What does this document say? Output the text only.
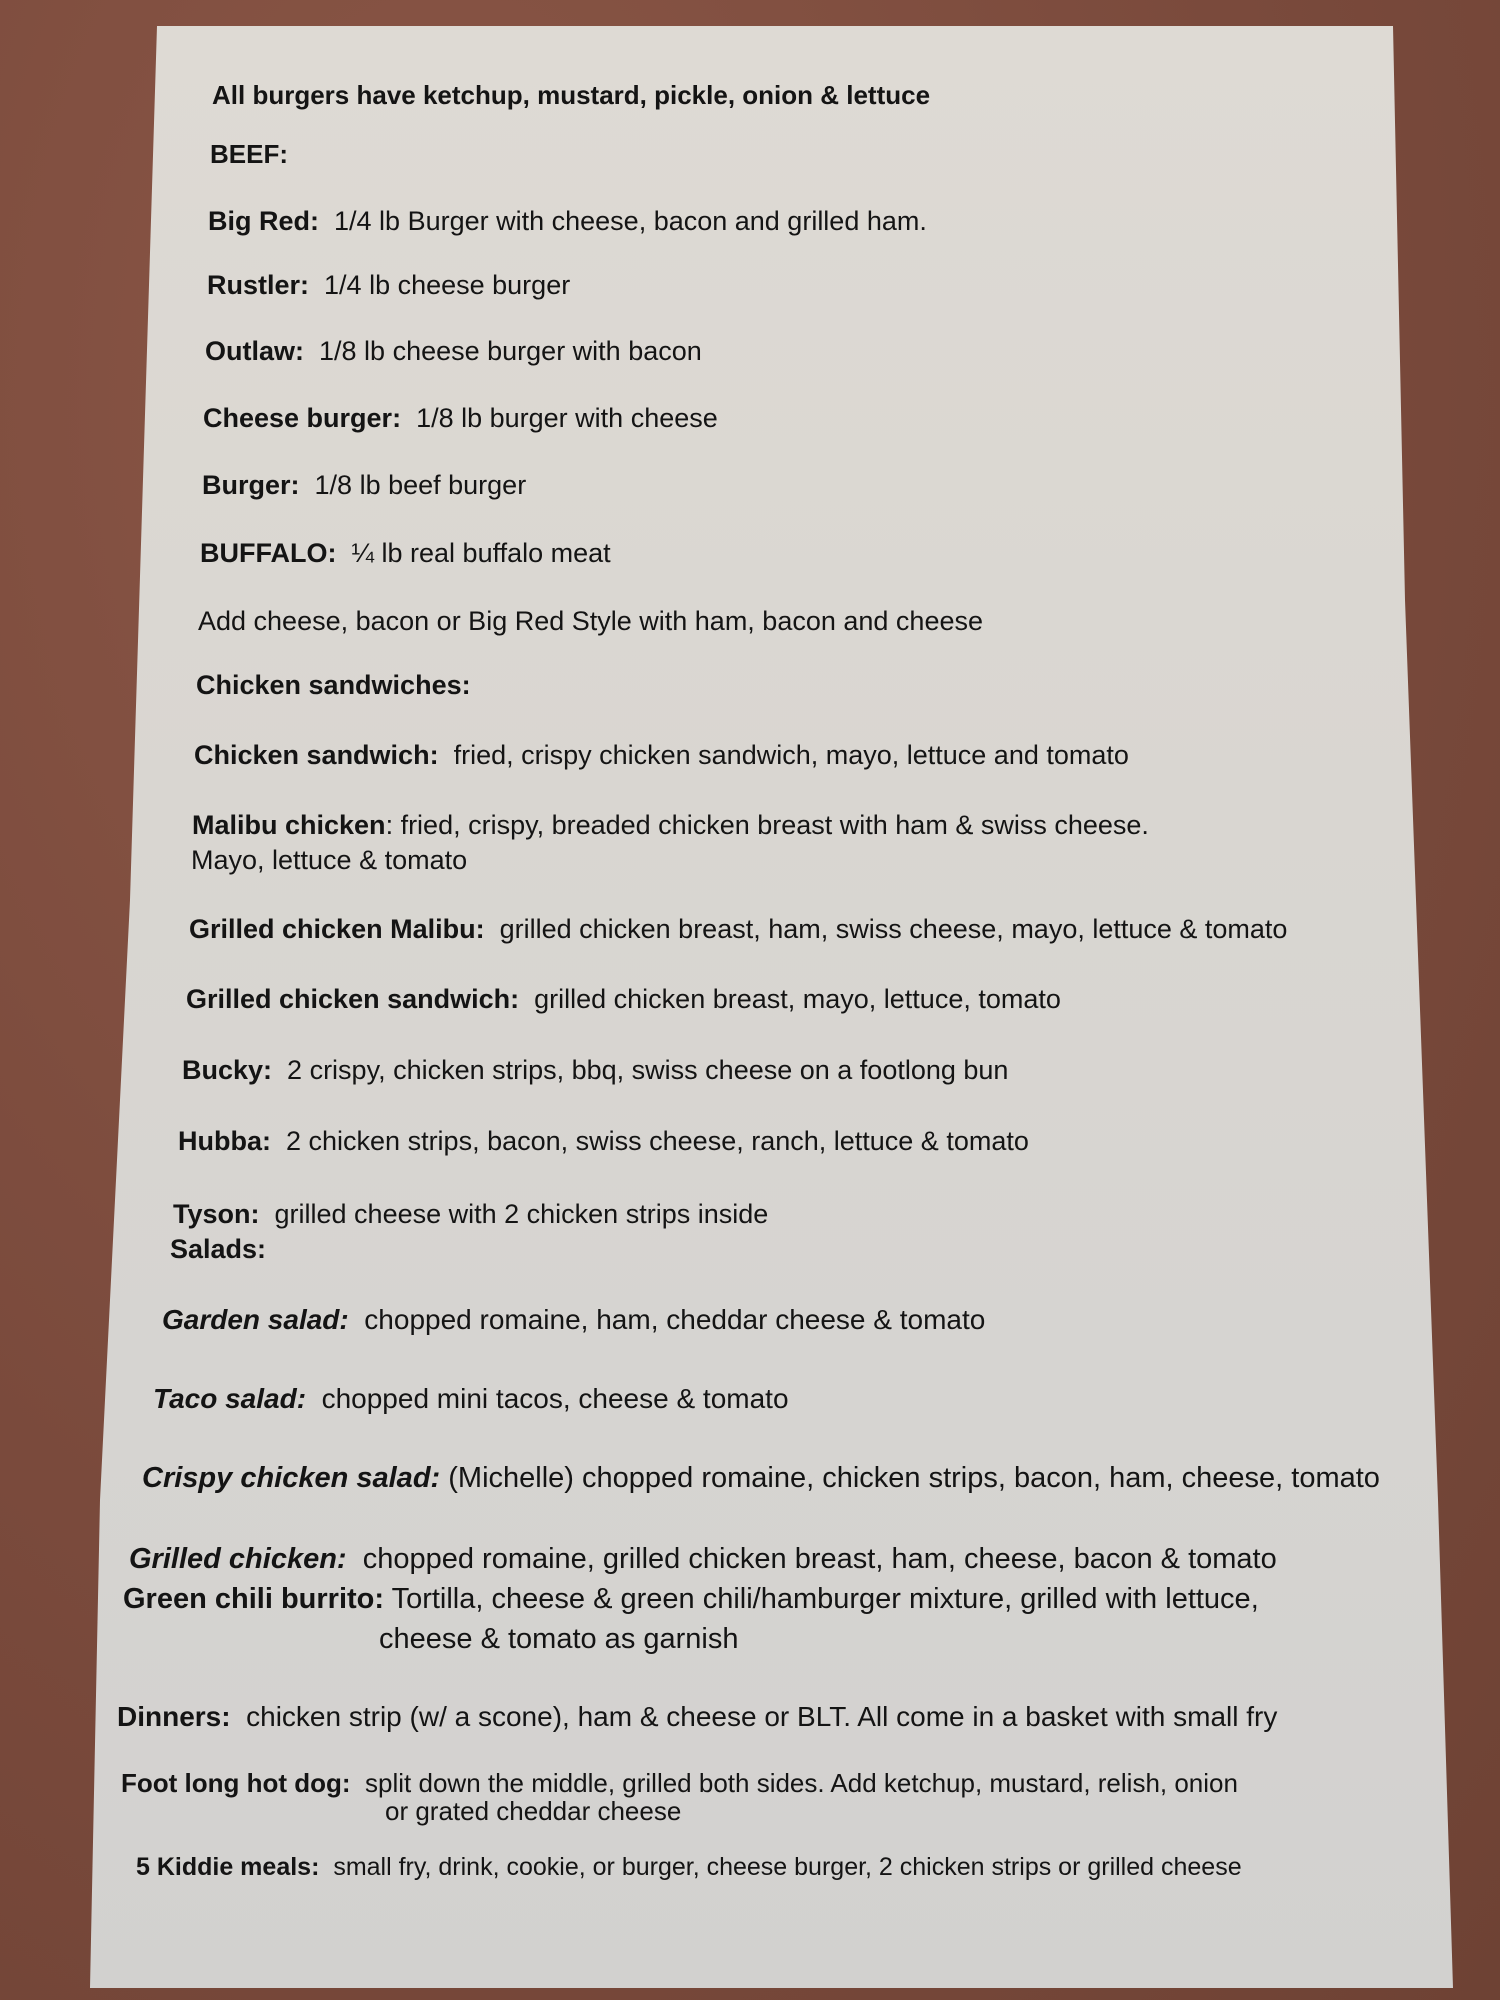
All burgers have ketchup, mustard, pickle, onion & lettuce
BEEF:
Big Red: 1/4 lb Burger with cheese, bacon and grilled ham.
Rustler: 1/4 lb cheese burger
Outlaw: 1/8 lb cheese burger with bacon
Cheese burger: 1/8 lb burger with cheese
Burger: 1/8 lb beef burger
BUFFALO: ¼ lb real buffalo meat
Add cheese, bacon or Big Red Style with ham, bacon and cheese
Chicken sandwiches:
Chicken sandwich: fried, crispy chicken sandwich, mayo, lettuce and tomato
Malibu chicken: fried, crispy, breaded chicken breast with ham & swiss cheese.
Mayo, lettuce & tomato
Grilled chicken Malibu: grilled chicken breast, ham, swiss cheese, mayo, lettuce & tomato
Grilled chicken sandwich: grilled chicken breast, mayo, lettuce, tomato
Bucky: 2 crispy, chicken strips, bbq, swiss cheese on a footlong bun
Hubba: 2 chicken strips, bacon, swiss cheese, ranch, lettuce & tomato
Tyson: grilled cheese with 2 chicken strips inside
Salads:
Garden salad: chopped romaine, ham, cheddar cheese & tomato
Taco salad: chopped mini tacos, cheese & tomato
Crispy chicken salad: (Michelle) chopped romaine, chicken strips, bacon, ham, cheese, tomato
Grilled chicken: chopped romaine, grilled chicken breast, ham, cheese, bacon & tomato
Green chili burrito: Tortilla, cheese & green chili/hamburger mixture, grilled with lettuce,
cheese & tomato as garnish
Dinners: chicken strip (w/ a scone), ham & cheese or BLT. All come in a basket with small fry
Foot long hot dog: split down the middle, grilled both sides. Add ketchup, mustard, relish, onion
or grated cheddar cheese
5 Kiddie meals: small fry, drink, cookie, or burger, cheese burger, 2 chicken strips or grilled cheese
